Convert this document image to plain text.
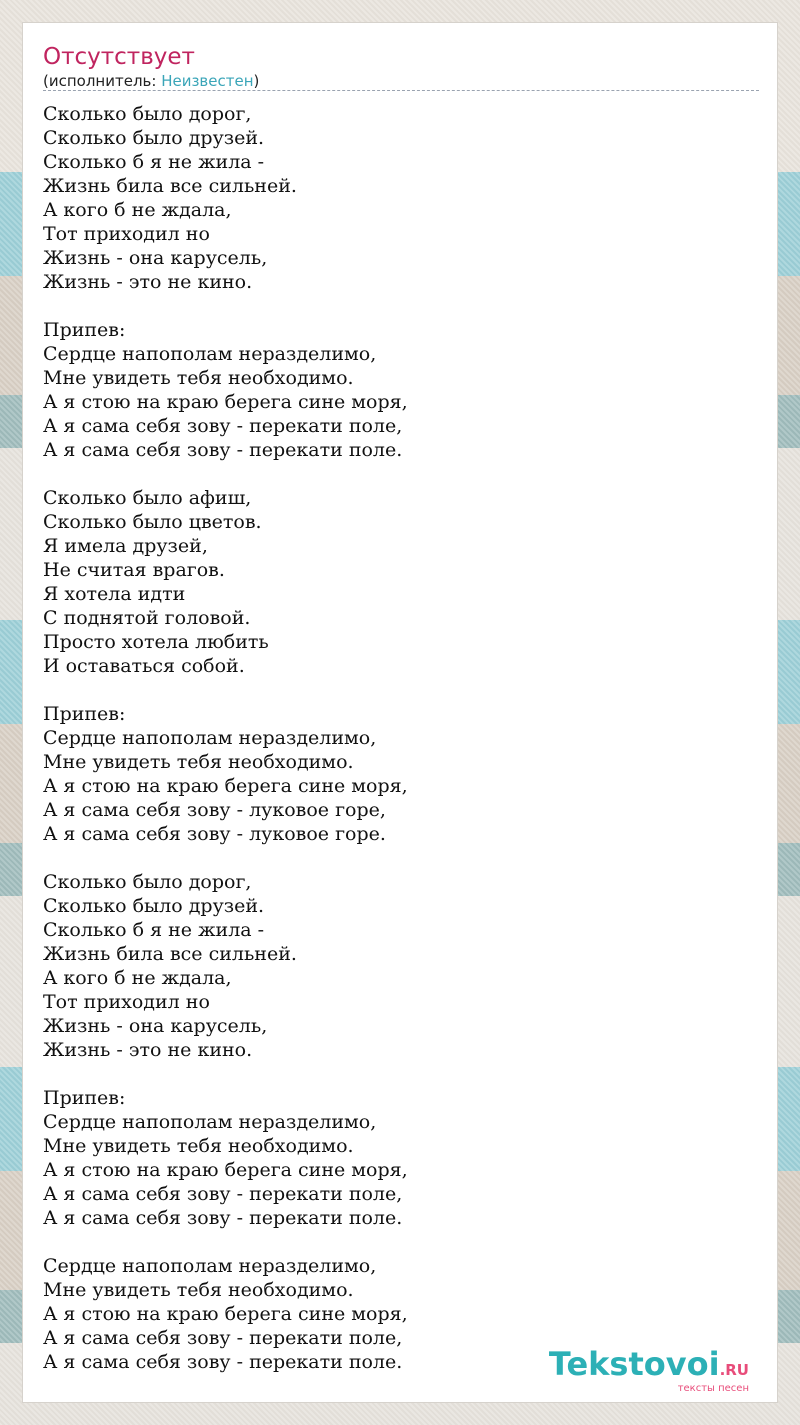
Отсутствует
(исполнитель: Неизвестен)
Сколько было дорог,
Сколько было друзей.
Сколько б я не жила -
Жизнь била все сильней.
А кого б не ждала,
Тот приходил но
Жизнь - она карусель,
Жизнь - это не кино.
Припев:
Сердце напополам неразделимо,
Мне увидеть тебя необходимо.
А я стою на краю берега сине моря,
А я сама себя зову - перекати поле,
А я сама себя зову - перекати поле.
Сколько было афиш,
Сколько было цветов.
Я имела друзей,
Не считая врагов.
Я хотела идти
С поднятой головой.
Просто хотела любить
И оставаться собой.
Припев:
Сердце напополам неразделимо,
Мне увидеть тебя необходимо.
А я стою на краю берега сине моря,
А я сама себя зову - луковое горе,
А я сама себя зову - луковое горе.
Сколько было дорог,
Сколько было друзей.
Сколько б я не жила -
Жизнь била все сильней.
А кого б не ждала,
Тот приходил но
Жизнь - она карусель,
Жизнь - это не кино.
Припев:
Сердце напополам неразделимо,
Мне увидеть тебя необходимо.
А я стою на краю берега сине моря,
А я сама себя зову - перекати поле,
А я сама себя зову - перекати поле.
Сердце напополам неразделимо,
Мне увидеть тебя необходимо.
А я стою на краю берега сине моря,
А я сама себя зову - перекати поле,
А я сама себя зову - перекати поле.	Tekstovoi.RU
тексты песен
